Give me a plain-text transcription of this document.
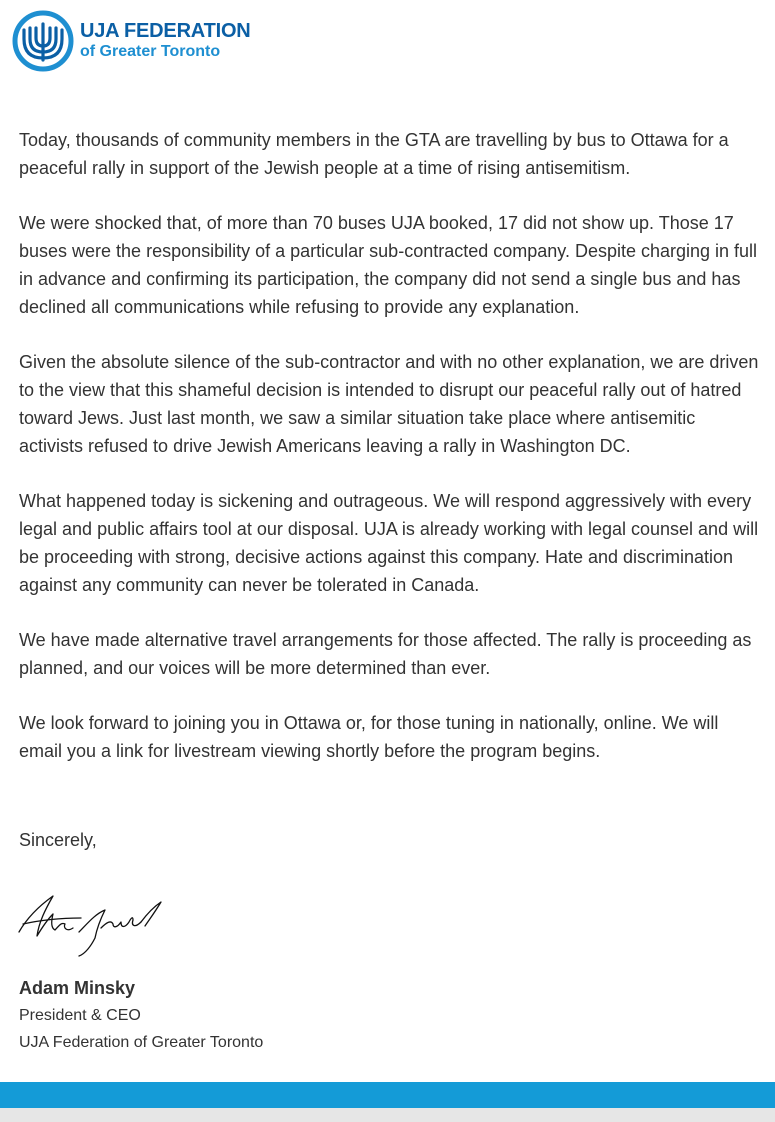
UJA FEDERATION
of Greater Toronto

Today, thousands of community members in the GTA are travelling by bus to Ottawa for a peaceful rally in support of the Jewish people at a time of rising antisemitism.

We were shocked that, of more than 70 buses UJA booked, 17 did not show up. Those 17 buses were the responsibility of a particular sub-contracted company. Despite charging in full in advance and confirming its participation, the company did not send a single bus and has declined all communications while refusing to provide any explanation.

Given the absolute silence of the sub-contractor and with no other explanation, we are driven to the view that this shameful decision is intended to disrupt our peaceful rally out of hatred toward Jews. Just last month, we saw a similar situation take place where antisemitic activists refused to drive Jewish Americans leaving a rally in Washington DC.

What happened today is sickening and outrageous. We will respond aggressively with every legal and public affairs tool at our disposal. UJA is already working with legal counsel and will be proceeding with strong, decisive actions against this company. Hate and discrimination against any community can never be tolerated in Canada.

We have made alternative travel arrangements for those affected. The rally is proceeding as planned, and our voices will be more determined than ever.

We look forward to joining you in Ottawa or, for those tuning in nationally, online. We will email you a link for livestream viewing shortly before the program begins.

Sincerely,

Adam Minsky

President & CEO

UJA Federation of Greater Toronto
